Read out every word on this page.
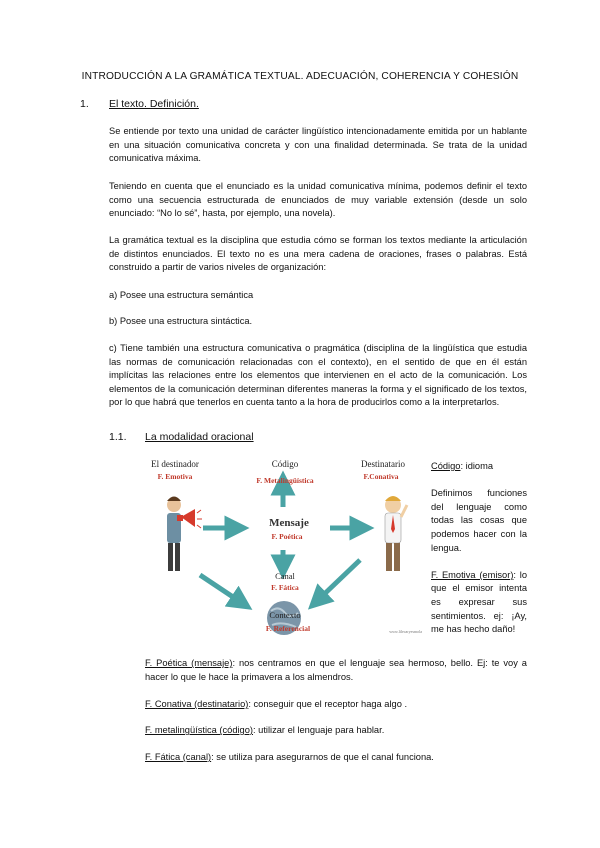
INTRODUCCIÓN A LA GRAMÁTICA TEXTUAL. ADECUACIÓN, COHERENCIA Y COHESIÓN
1. El texto. Definición.

Se entiende por texto una unidad de carácter lingüístico intencionadamente emitida por un hablante en una situación comunicativa concreta y con una finalidad determinada. Se trata de la unidad comunicativa máxima.

Teniendo en cuenta que el enunciado es la unidad comunicativa mínima, podemos definir el texto como una secuencia estructurada de enunciados de muy variable extensión (desde un solo enunciado: “No lo sé”, hasta, por ejemplo, una novela).

La gramática textual es la disciplina que estudia cómo se forman los textos mediante la articulación de distintos enunciados. El texto no es una mera cadena de oraciones, frases o palabras. Está construido a partir de varios niveles de organización:

a) Posee una estructura semántica

b) Posee una estructura sintáctica.

c) Tiene también una estructura comunicativa o pragmática (disciplina de la lingüística que estudia las normas de comunicación relacionadas con el contexto), en el sentido de que en él están implícitas las relaciones entre los elementos que intervienen en el acto de la comunicación. Los elementos de la comunicación determinan diferentes maneras la forma y el significado de los textos, por lo que habrá que tenerlos en cuenta tanto a la hora de producirlos como a la interpretarlos.

1.1. La modalidad oracional
El destinador
F. Emotiva
Código
F. Metalingüística
Destinatario
F.Conativa
Mensaje
F. Poética
Canal
F. Fática
Contexto
F. Referencial	www.lilecaryesmola

Código: idioma

Definimos funciones del lenguaje como todas las cosas que podemos hacer con la lengua.

F. Emotiva (emisor): lo que el emisor intenta es expresar sus sentimientos. ej: ¡Ay, me has hecho daño!

F. Poética (mensaje): nos centramos en que el lenguaje sea hermoso, bello. Ej: te voy a hacer lo que le hace la primavera a los almendros.

F. Conativa (destinatario): conseguir que el receptor haga algo .

F. metalingüística (código): utilizar el lenguaje para hablar.

F. Fática (canal): se utiliza para asegurarnos de que el canal funciona.
